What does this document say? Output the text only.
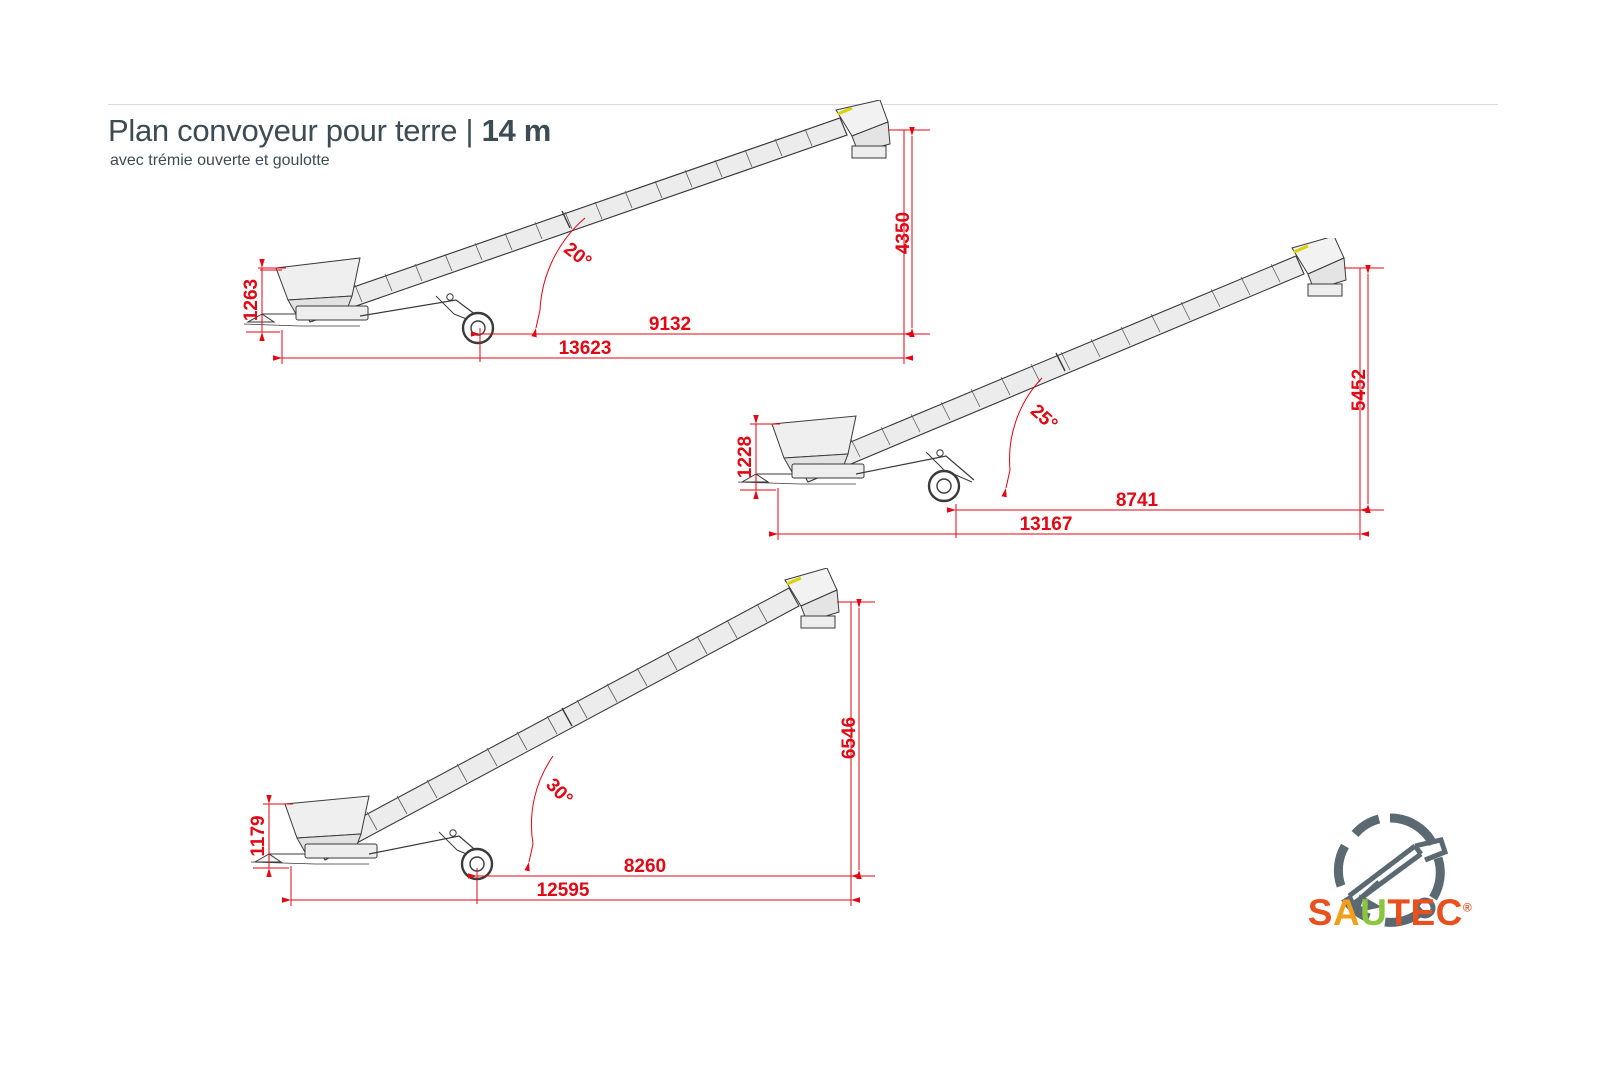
Plan convoyeur pour terre | 14 m
avec trémie ouverte et goulotte
4350
1263
9132
13623
20°
5452
1228
8741
13167
25°
6546
1179
8260
12595
30°
SAUTEC®
